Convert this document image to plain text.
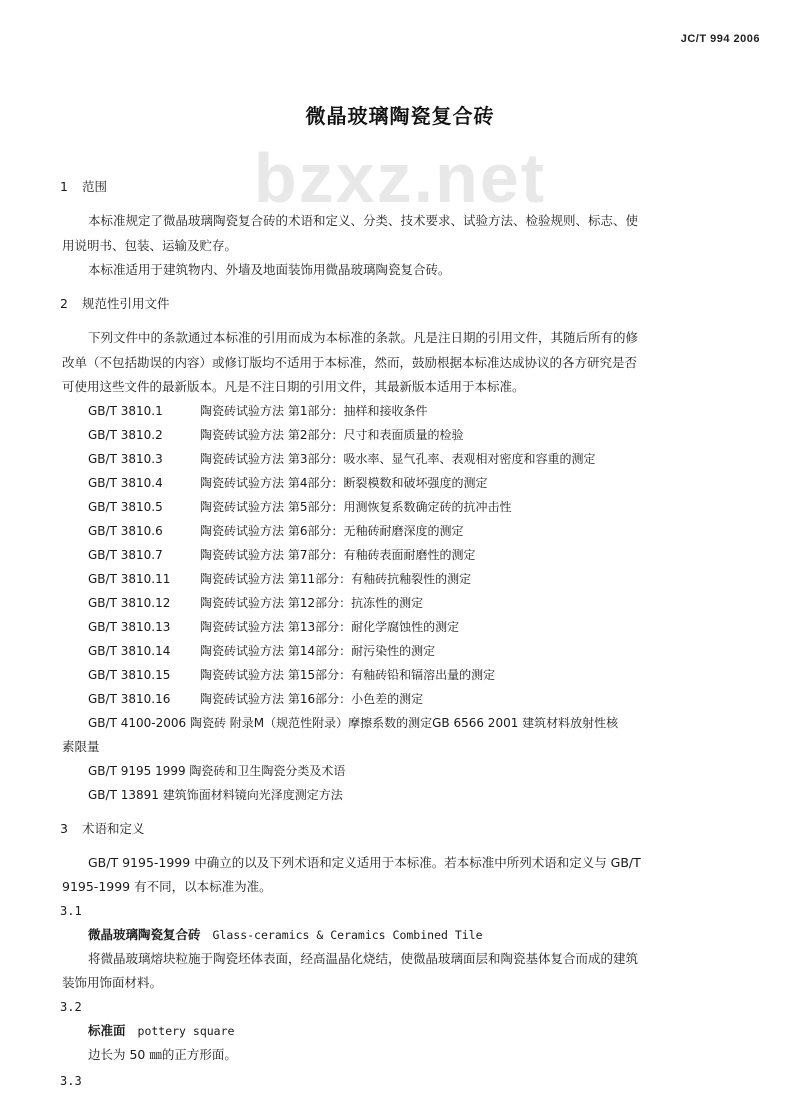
JC/T 994 2006
bzxz.net
微晶玻璃陶瓷复合砖
1 范围
本标准规定了微晶玻璃陶瓷复合砖的术语和定义、分类、技术要求、试验方法、检验规则、标志、使
用说明书、包装、运输及贮存。
本标准适用于建筑物内、外墙及地面装饰用微晶玻璃陶瓷复合砖。
2 规范性引用文件
下列文件中的条款通过本标准的引用而成为本标准的条款。凡是注日期的引用文件，其随后所有的修
改单（不包括勘误的内容）或修订版均不适用于本标准，然而，鼓励根据本标准达成协议的各方研究是否
可使用这些文件的最新版本。凡是不注日期的引用文件，其最新版本适用于本标准。
GB/T 3810.1	陶瓷砖试验方法 第1部分：抽样和接收条件
GB/T 3810.2	陶瓷砖试验方法 第2部分：尺寸和表面质量的检验
GB/T 3810.3	陶瓷砖试验方法 第3部分：吸水率、显气孔率、表观相对密度和容重的测定
GB/T 3810.4	陶瓷砖试验方法 第4部分：断裂模数和破坏强度的测定
GB/T 3810.5	陶瓷砖试验方法 第5部分：用测恢复系数确定砖的抗冲击性
GB/T 3810.6	陶瓷砖试验方法 第6部分：无釉砖耐磨深度的测定
GB/T 3810.7	陶瓷砖试验方法 第7部分：有釉砖表面耐磨性的测定
GB/T 3810.11 陶瓷砖试验方法 第11部分：有釉砖抗釉裂性的测定
GB/T 3810.12 陶瓷砖试验方法 第12部分：抗冻性的测定
GB/T 3810.13 陶瓷砖试验方法 第13部分：耐化学腐蚀性的测定
GB/T 3810.14 陶瓷砖试验方法 第14部分：耐污染性的测定
GB/T 3810.15 陶瓷砖试验方法 第15部分：有釉砖铅和镉溶出量的测定
GB/T 3810.16 陶瓷砖试验方法 第16部分：小色差的测定
GB/T 4100-2006 陶瓷砖 附录M（规范性附录）摩擦系数的测定GB 6566 2001 建筑材料放射性核
素限量
GB/T 9195 1999 陶瓷砖和卫生陶瓷分类及术语
GB/T 13891 建筑饰面材料镜向光泽度测定方法
3 术语和定义
GB/T 9195-1999 中确立的以及下列术语和定义适用于本标准。若本标准中所列术语和定义与 GB/T
9195-1999 有不同，以本标准为准。
3.1
微晶玻璃陶瓷复合砖 Glass-ceramics & Ceramics Combined Tile
将微晶玻璃熔块粒施于陶瓷坯体表面，经高温晶化烧结，使微晶玻璃面层和陶瓷基体复合而成的建筑
装饰用饰面材料。
3.2
标准面 pottery square
边长为 50 ㎜的正方形面。
3.3
